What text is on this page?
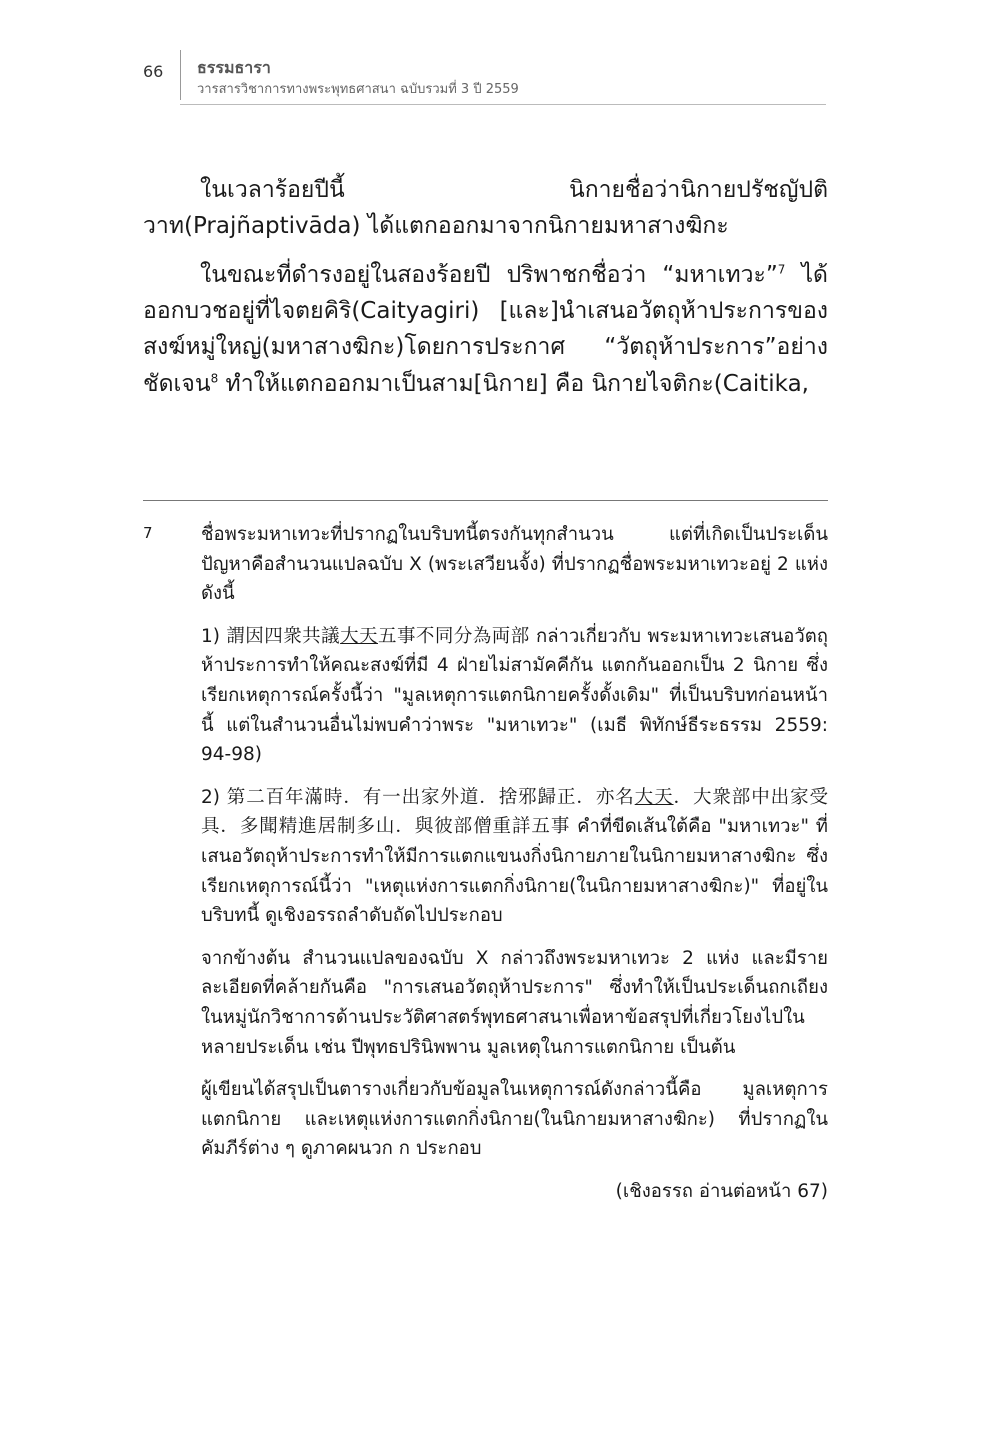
66 ธรรมธารา
วารสารวิชาการทางพระพุทธศาสนา ฉบับรวมที่ 3 ปี 2559

ในเวลาร้อยปีนี้ นิกายชื่อว่านิกายปรัชญัปติวาท(Prajñaptivāda) ได้แตกออกมาจากนิกายมหาสางฆิกะ

ในขณะที่ดำรงอยู่ในสองร้อยปี ปริพาชกชื่อว่า “มหาเทวะ”$^7$ ได้ออกบวชอยู่ที่ไจตยคิริ(Caityagiri) [และ]นำเสนอวัตถุห้าประการของสงฆ์หมู่ใหญ่(มหาสางฆิกะ)โดยการประกาศ “วัตถุห้าประการ”อย่างชัดเจน$^8$ ทำให้แตกออกมาเป็นสาม[นิกาย] คือ นิกายไจติกะ(Caitika,

7	ชื่อพระมหาเทวะที่ปรากฏในบริบทนี้ตรงกันทุกสำนวน แต่ที่เกิดเป็นประเด็นปัญหาคือสำนวนแปลฉบับ X (พระเสวียนจั้ง) ที่ปรากฏชื่อพระมหาเทวะอยู่ 2 แห่ง ดังนี้

1) 謂因四衆共議大天五事不同分為両部 กล่าวเกี่ยวกับ พระมหาเทวะเสนอวัตถุห้าประการทำให้คณะสงฆ์ที่มี 4 ฝ่ายไม่สามัคคีกัน แตกกันออกเป็น 2 นิกาย ซึ่งเรียกเหตุการณ์ครั้งนี้ว่า "มูลเหตุการแตกนิกายครั้งดั้งเดิม" ที่เป็นบริบทก่อนหน้านี้ แต่ในสำนวนอื่นไม่พบคำว่าพระ "มหาเทวะ" (เมธี พิทักษ์ธีระธรรม 2559: 94-98)

2) 第二百年滿時．有一出家外道．捨邪歸正．亦名大天．大衆部中出家受具．多聞精進居制多山．與彼部僧重詳五事 คำที่ขีดเส้นใต้คือ "มหาเทวะ" ที่เสนอวัตถุห้าประการทำให้มีการแตกแขนงกิ่งนิกายภายในนิกายมหาสางฆิกะ ซึ่งเรียกเหตุการณ์นี้ว่า "เหตุแห่งการแตกกิ่งนิกาย(ในนิกายมหาสางฆิกะ)" ที่อยู่ในบริบทนี้ ดูเชิงอรรถลำดับถัดไปประกอบ

จากข้างต้น สำนวนแปลของฉบับ X กล่าวถึงพระมหาเทวะ 2 แห่ง และมีรายละเอียดที่คล้ายกันคือ "การเสนอวัตถุห้าประการ" ซึ่งทำให้เป็นประเด็นถกเถียงในหมู่นักวิชาการด้านประวัติศาสตร์พุทธศาสนาเพื่อหาข้อสรุปที่เกี่ยวโยงไปในหลายประเด็น เช่น ปีพุทธปรินิพพาน มูลเหตุในการแตกนิกาย เป็นต้น

ผู้เขียนได้สรุปเป็นตารางเกี่ยวกับข้อมูลในเหตุการณ์ดังกล่าวนี้คือ มูลเหตุการแตกนิกาย และเหตุแห่งการแตกกิ่งนิกาย(ในนิกายมหาสางฆิกะ) ที่ปรากฏในคัมภีร์ต่าง ๆ ดูภาคผนวก ก ประกอบ

(เชิงอรรถ อ่านต่อหน้า 67)
